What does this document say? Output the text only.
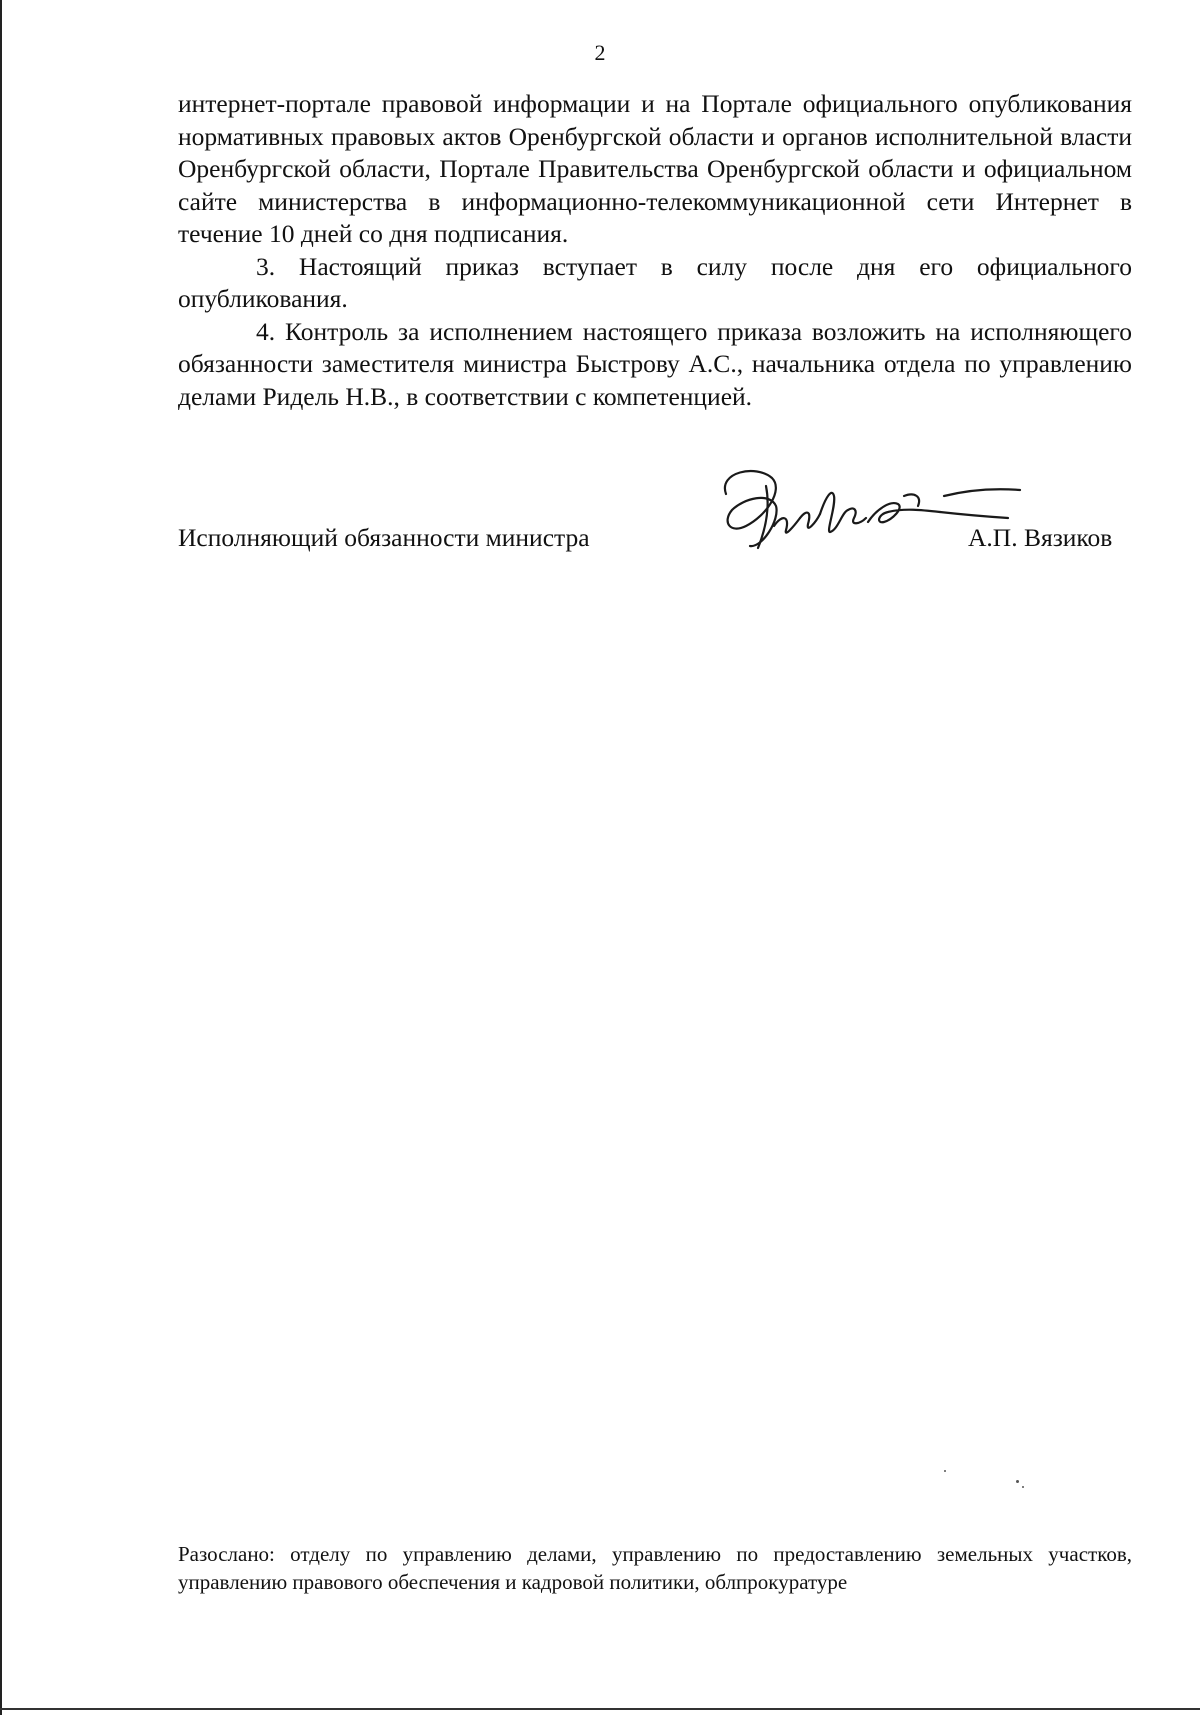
2

интернет-портале правовой информации и на Портале официального опубликования нормативных правовых актов Оренбургской области и органов исполнительной власти Оренбургской области, Портале Правительства Оренбургской области и официальном сайте министерства в информационно-телекоммуникационной сети Интернет в течение 10 дней со дня подписания.

3. Настоящий приказ вступает в силу после дня его официального опубликования.

4. Контроль за исполнением настоящего приказа возложить на исполняющего обязанности заместителя министра Быстрову А.С., начальника отдела по управлению делами Ридель Н.В., в соответствии с компетенцией.

Исполняющий обязанности министра	А.П. Вязиков
Разослано: отделу по управлению делами, управлению по предоставлению земельных участков, управлению правового обеспечения и кадровой политики, облпрокуратуре
